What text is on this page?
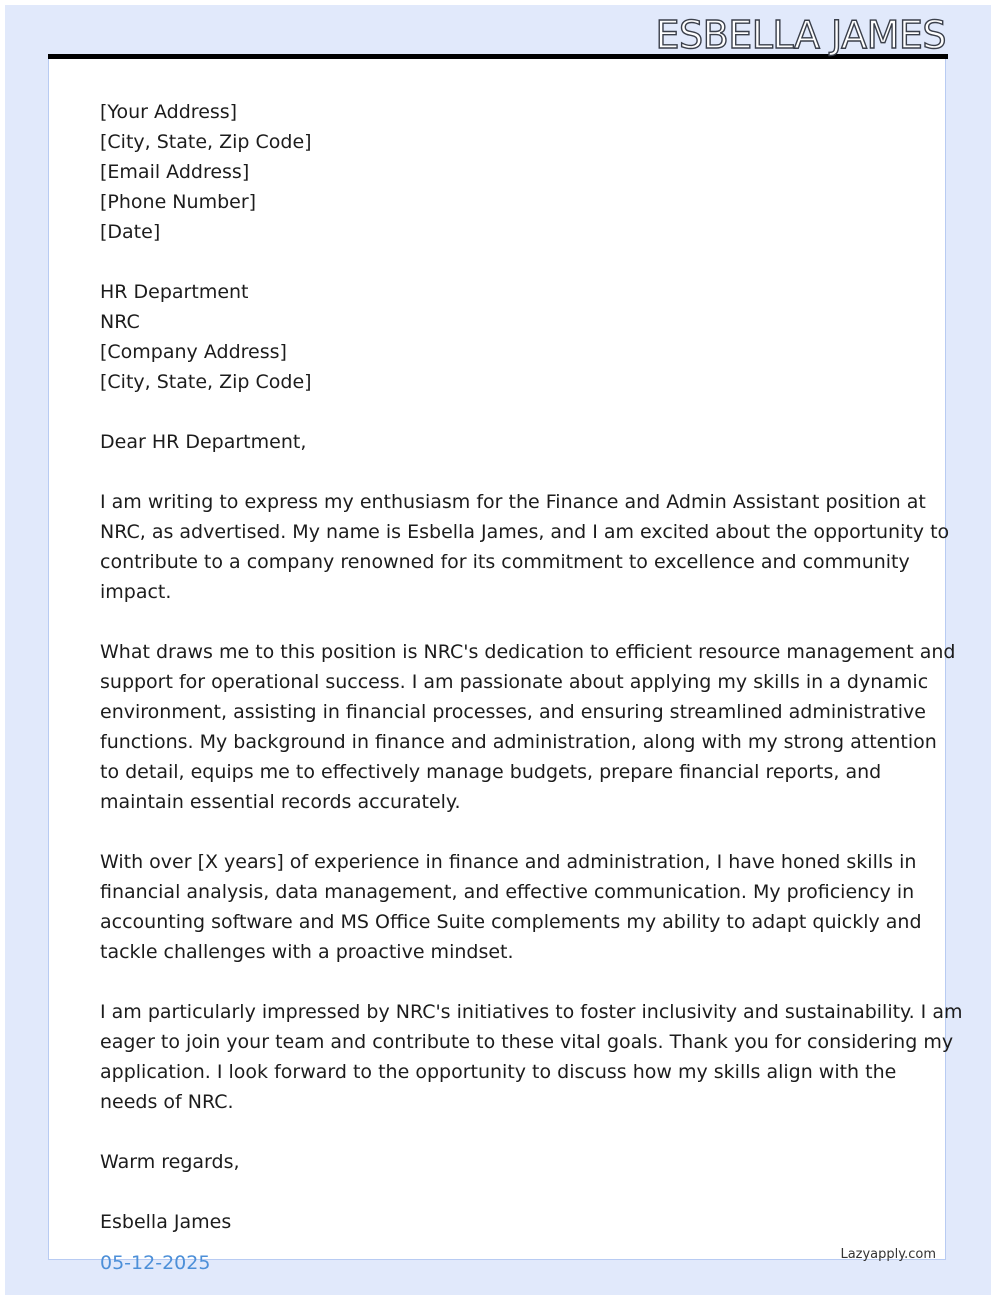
ESBELLA JAMES
[Your Address]
[City, State, Zip Code]
[Email Address]
[Phone Number]
[Date]
HR Department
NRC
[Company Address]
[City, State, Zip Code]
Dear HR Department,
I am writing to express my enthusiasm for the Finance and Admin Assistant position at
NRC, as advertised. My name is Esbella James, and I am excited about the opportunity to
contribute to a company renowned for its commitment to excellence and community
impact.
What draws me to this position is NRC's dedication to efficient resource management and
support for operational success. I am passionate about applying my skills in a dynamic
environment, assisting in financial processes, and ensuring streamlined administrative
functions. My background in finance and administration, along with my strong attention
to detail, equips me to effectively manage budgets, prepare financial reports, and
maintain essential records accurately.
With over [X years] of experience in finance and administration, I have honed skills in
financial analysis, data management, and effective communication. My proficiency in
accounting software and MS Office Suite complements my ability to adapt quickly and
tackle challenges with a proactive mindset.
I am particularly impressed by NRC's initiatives to foster inclusivity and sustainability. I am
eager to join your team and contribute to these vital goals. Thank you for considering my
application. I look forward to the opportunity to discuss how my skills align with the
needs of NRC.
Warm regards,
Esbella James
05-12-2025	Lazyapply.com
